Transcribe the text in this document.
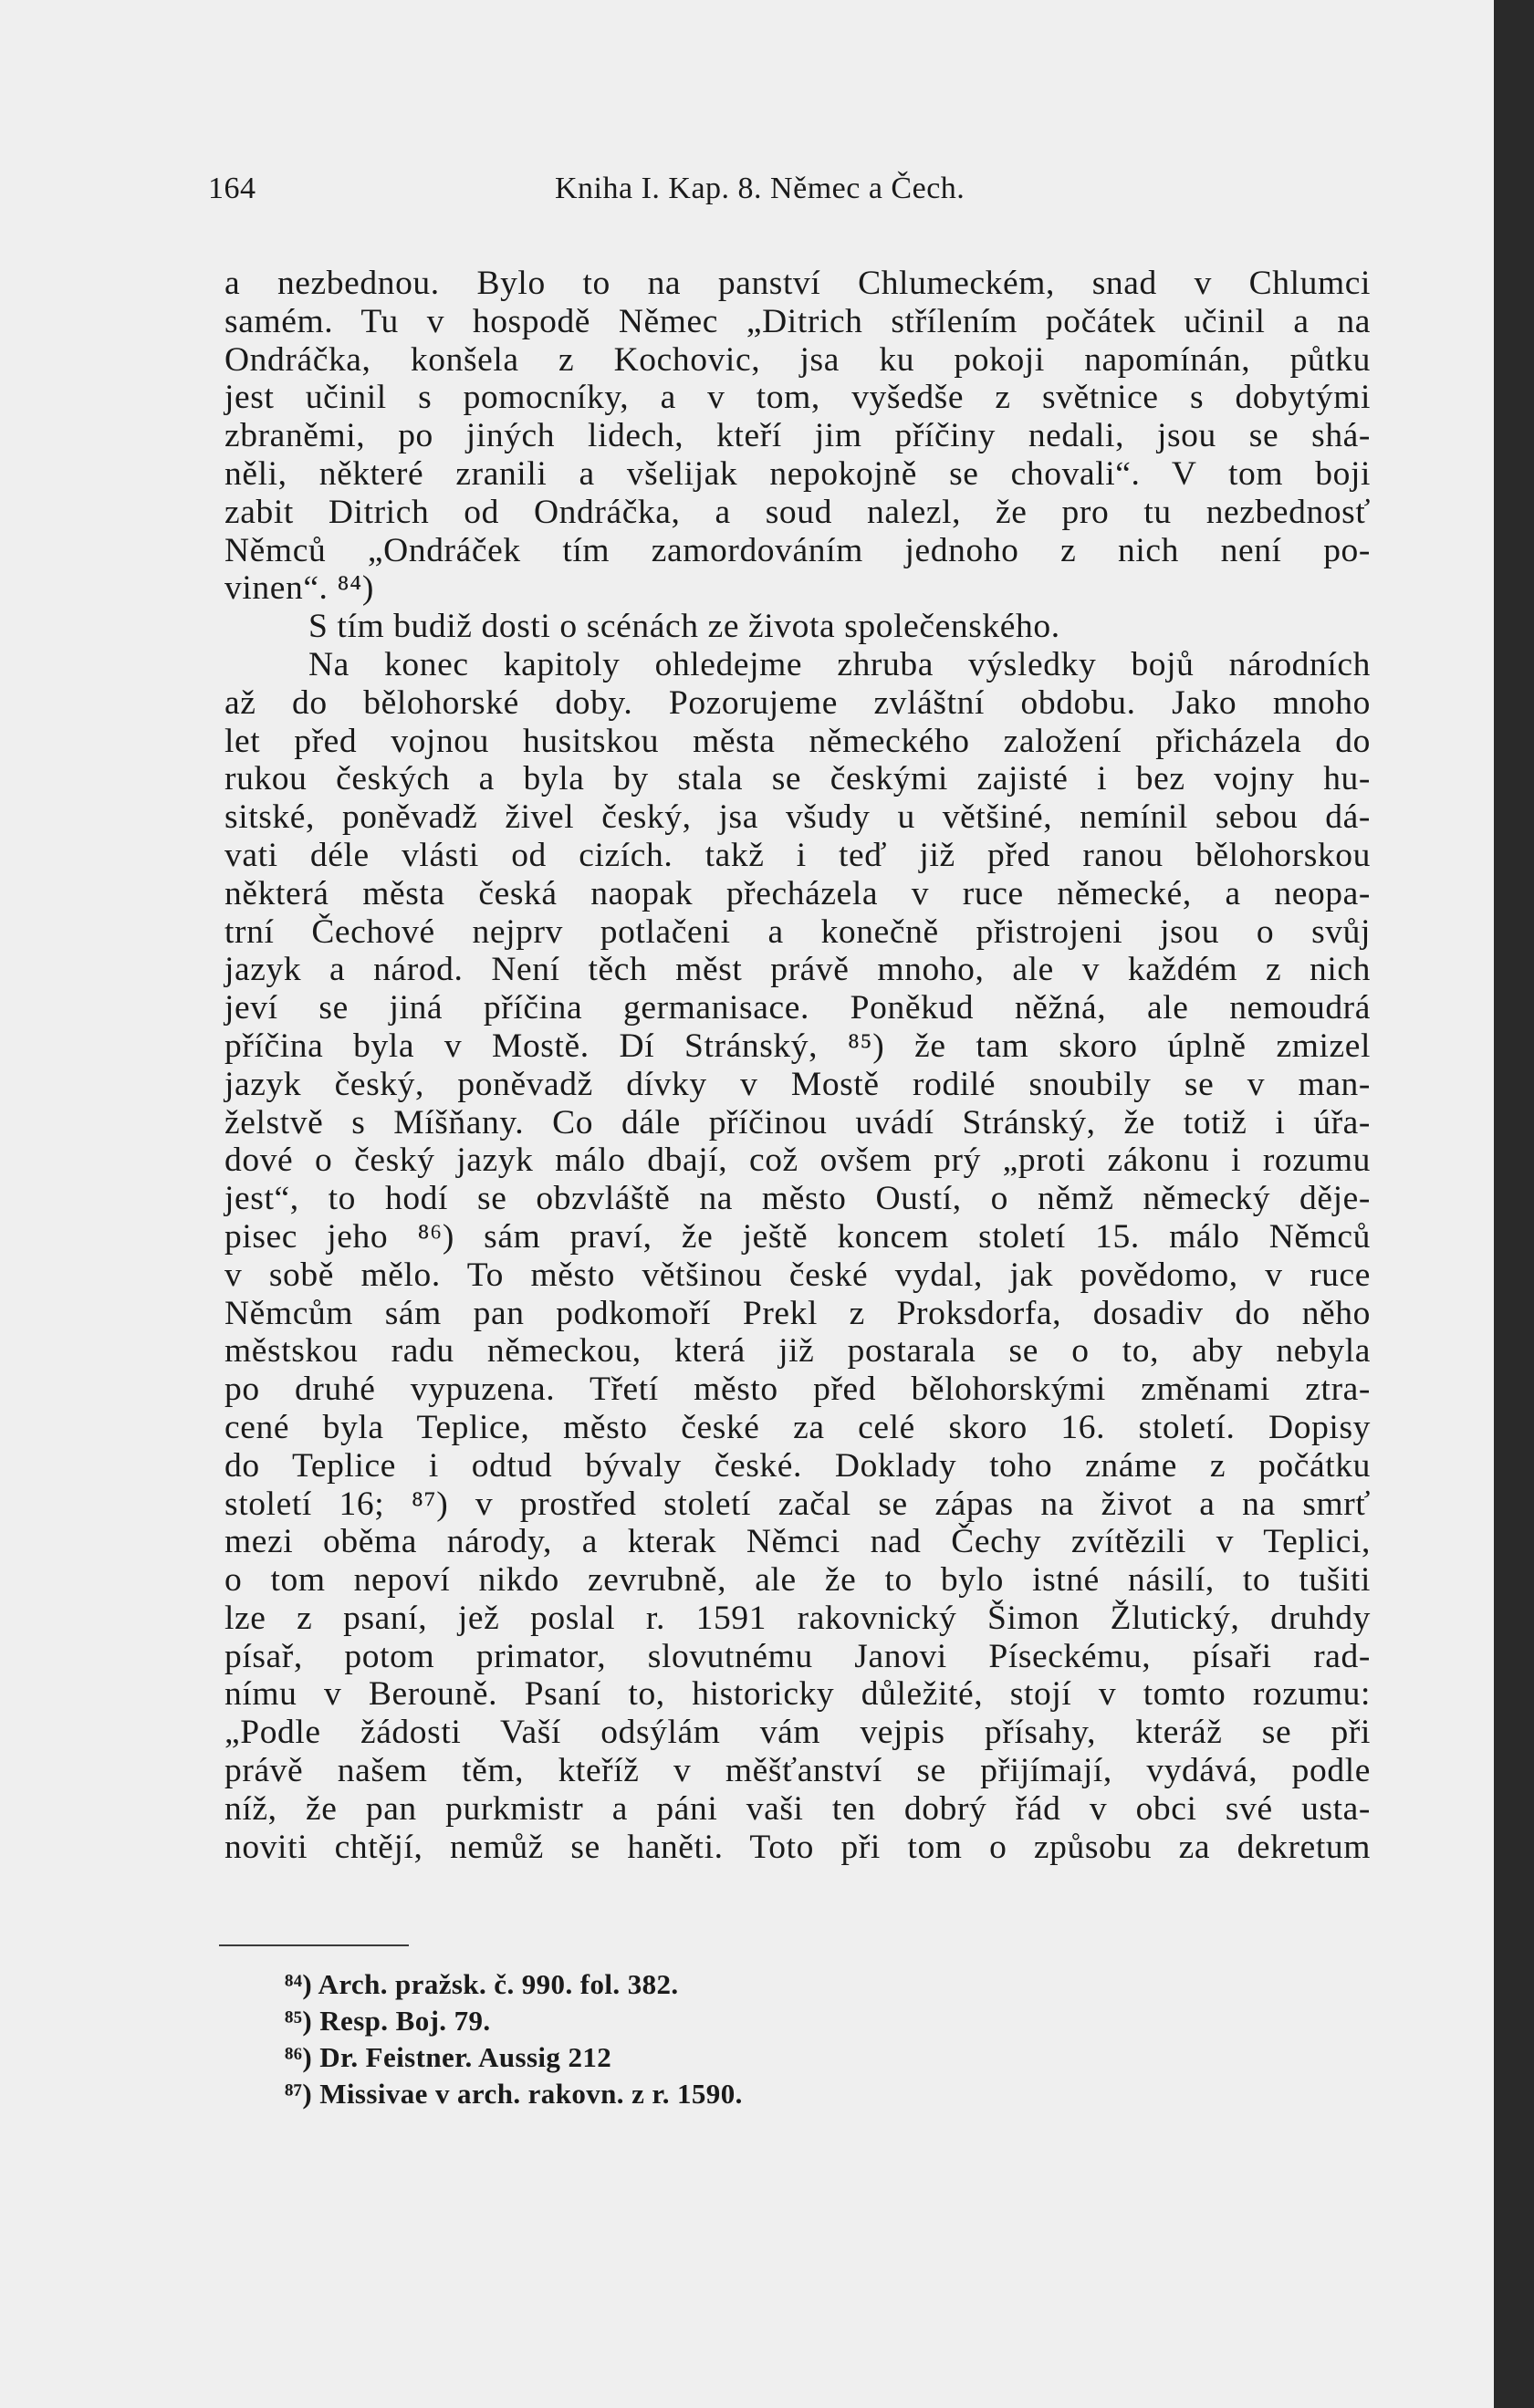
164	Kniha I. Kap. 8. Němec a Čech.
a nezbednou. Bylo to na panství Chlumeckém, snad v Chlumci
samém. Tu v hospodě Němec „Ditrich střílením počátek učinil a na
Ondráčka, konšela z Kochovic, jsa ku pokoji napomínán, půtku
jest učinil s pomocníky, a v tom, vyšedše z světnice s dobytými
zbraněmi, po jiných lidech, kteří jim příčiny nedali, jsou se shá-
něli, některé zranili a všelijak nepokojně se chovali“. V tom boji
zabit Ditrich od Ondráčka, a soud nalezl, že pro tu nezbednosť
Němců „Ondráček tím zamordováním jednoho z nich není po-
vinen“. ⁸⁴)
S tím budiž dosti o scénách ze života společenského.
Na konec kapitoly ohledejme zhruba výsledky bojů národních
až do bělohorské doby. Pozorujeme zvláštní obdobu. Jako mnoho
let před vojnou husitskou města německého založení přicházela do
rukou českých a byla by stala se českými zajisté i bez vojny hu-
sitské, poněvadž živel český, jsa všudy u většiné, nemínil sebou dá-
vati déle vlásti od cizích. takž i teď již před ranou bělohorskou
některá města česká naopak přecházela v ruce německé, a neopa-
trní Čechové nejprv potlačeni a konečně přistrojeni jsou o svůj
jazyk a národ. Není těch měst právě mnoho, ale v každém z nich
jeví se jiná příčina germanisace. Poněkud něžná, ale nemoudrá
příčina byla v Mostě. Dí Stránský, ⁸⁵) že tam skoro úplně zmizel
jazyk český, poněvadž dívky v Mostě rodilé snoubily se v man-
želstvě s Míšňany. Co dále příčinou uvádí Stránský, že totiž i úřa-
dové o český jazyk málo dbají, což ovšem prý „proti zákonu i rozumu
jest“, to hodí se obzvláště na město Oustí, o němž německý děje-
pisec jeho ⁸⁶) sám praví, že ještě koncem století 15. málo Němců
v sobě mělo. To město většinou české vydal, jak povědomo, v ruce
Němcům sám pan podkomoří Prekl z Proksdorfa, dosadiv do něho
městskou radu německou, která již postarala se o to, aby nebyla
po druhé vypuzena. Třetí město před bělohorskými změnami ztra-
cené byla Teplice, město české za celé skoro 16. století. Dopisy
do Teplice i odtud bývaly české. Doklady toho známe z počátku
století 16; ⁸⁷) v prostřed století začal se zápas na život a na smrť
mezi oběma národy, a kterak Němci nad Čechy zvítězili v Teplici,
o tom nepoví nikdo zevrubně, ale že to bylo istné násilí, to tušiti
lze z psaní, jež poslal r. 1591 rakovnický Šimon Žlutický, druhdy
písař, potom primator, slovutnému Janovi Píseckému, písaři rad-
nímu v Berouně. Psaní to, historicky důležité, stojí v tomto rozumu:
„Podle žádosti Vaší odsýlám vám vejpis přísahy, kteráž se při
právě našem těm, kteříž v měšťanství se přijímají, vydává, podle
níž, že pan purkmistr a páni vaši ten dobrý řád v obci své usta-
noviti chtějí, nemůž se haněti. Toto při tom o způsobu za dekretum
⁸⁴) Arch. pražsk. č. 990. fol. 382.
⁸⁵) Resp. Boj. 79.
⁸⁶) Dr. Feistner. Aussig 212
⁸⁷) Missivae v arch. rakovn. z r. 1590.
